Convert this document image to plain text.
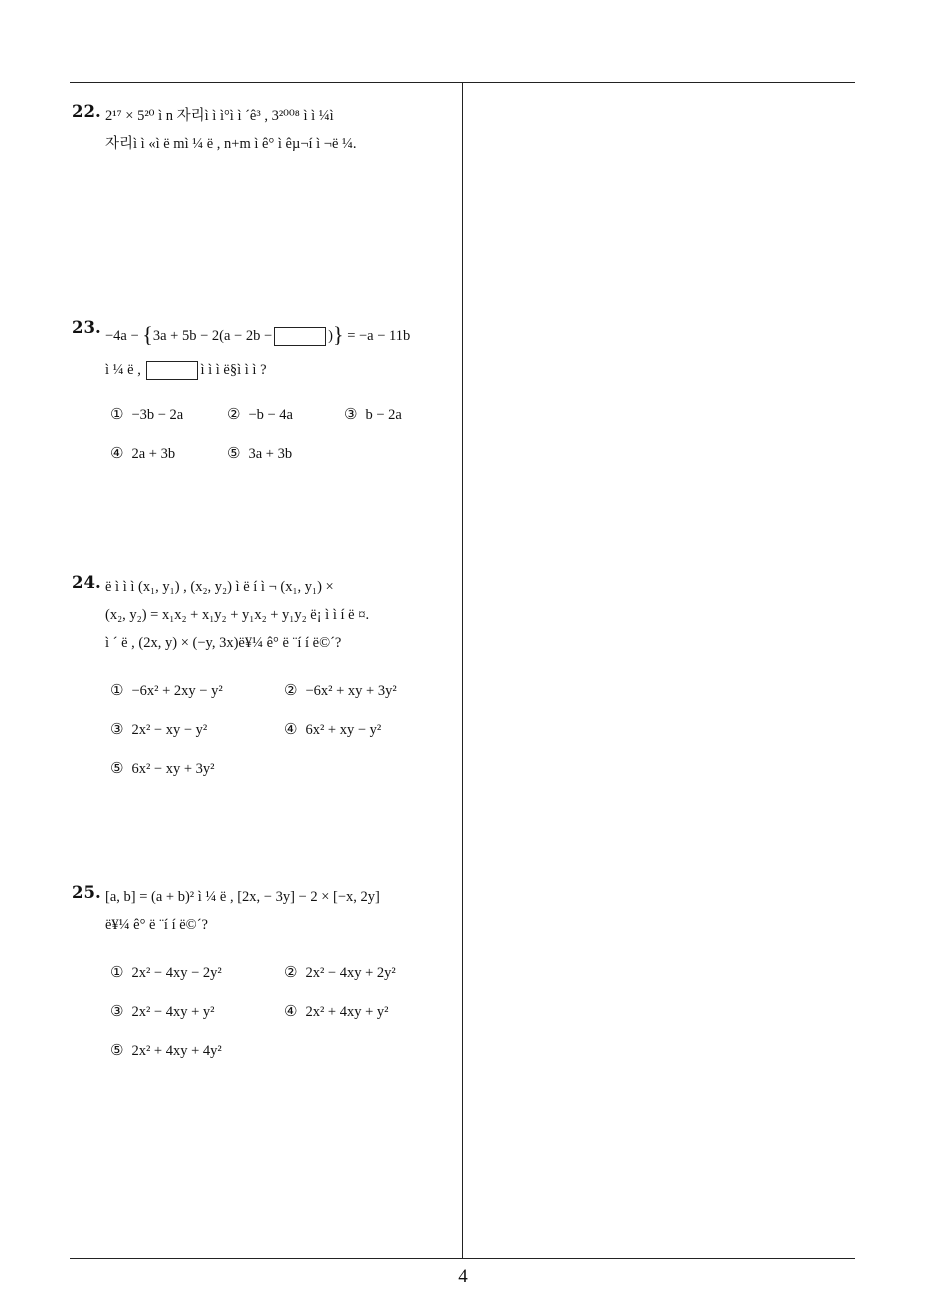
22. 2¹⁷ × 5²⁰ ì n 자리ì ì ì°ì ì ´ê³ , 3²⁰⁰⁸ ì ì ¼ì
자리ì ì «ì ë mì ¼ ë , n+m ì ê° ì êµ¬í ì ¬ë ¼.
23. −4a − {3a + 5b − 2(a − 2b −	)} = −a − 11b
ì ¼ ë ,	ì ì ì ë§ì ì ì ?
① −3b − 2a	② −b − 4a	③ b − 2a
④ 2a + 3b	⑤ 3a + 3b
24. ë ì ì ì (x₁, y₁) , (x₂, y₂) ì ë í ì ¬ (x₁, y₁) ×
(x₂, y₂) = x₁x₂ + x₁y₂ + y₁x₂ + y₁y₂ ë¡ ì ì í ë ¤.
ì ´ ë , (2x, y) × (−y, 3x)ë¥¼ ê° ë ¨í í ë©´?
① −6x² + 2xy − y²	② −6x² + xy + 3y²
③ 2x² − xy − y²	④ 6x² + xy − y²
⑤ 6x² − xy + 3y²
25. [a, b] = (a + b)² ì ¼ ë , [2x, − 3y] − 2 × [−x, 2y]
ë¥¼ ê° ë ¨í í ë©´?
① 2x² − 4xy − 2y²	② 2x² − 4xy + 2y²
③ 2x² − 4xy + y²	④ 2x² + 4xy + y²
⑤ 2x² + 4xy + 4y²
4
